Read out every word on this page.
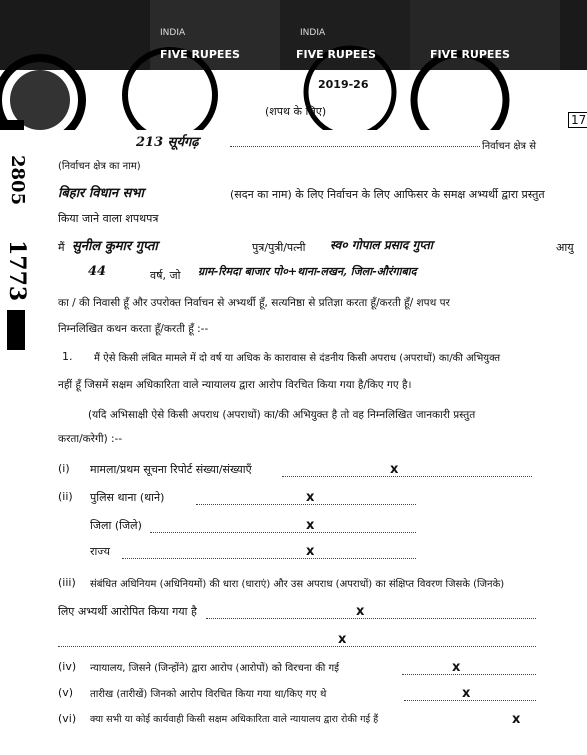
INDIA
FIVE RUPEES
INDIA
FIVE RUPEES	FIVE RUPEES
2019-26
(शपथ के लिए)
17
2805
1773
213 सूर्यगढ़	निर्वाचन क्षेत्र से
(निर्वाचन क्षेत्र का नाम)
बिहार विधान सभा	(सदन का नाम) के लिए निर्वाचन के लिए आफिसर के समक्ष अभ्यर्थी द्वारा प्रस्तुत
किया जाने वाला शपथपत्र
मैं सुनील कुमार गुप्ता	पुत्र/पुत्री/पत्नी स्व० गोपाल प्रसाद गुप्ता	आयु
44	वर्ष, जो ग्राम-रिमदा बाजार पो०+थाना-लखन, जिला-औरंगाबाद
का / की निवासी हूँ और उपरोक्त निर्वाचन से अभ्यर्थी हूँ, सत्यनिष्ठा से प्रतिज्ञा करता हूँ/करती हूँ/ शपथ पर
निम्नलिखित कथन करता हूँ/करती हूँ :--
1. मैं ऐसे किसी लंबित मामले में दो वर्ष या अधिक के कारावास से दंडनीय किसी अपराध (अपराधों) का/की अभियुक्त
नहीं हूँ जिसमें सक्षम अधिकारिता वाले न्यायालय द्वारा आरोप विरचित किया गया है/किए गए है।
(यदि अभिसाक्षी ऐसे किसी अपराध (अपराधों) का/की अभियुक्त है तो वह निम्नलिखित जानकारी प्रस्तुत
करता/करेगी) :--
(i) मामला/प्रथम सूचना रिपोर्ट संख्या/संख्याएँ	x
(ii) पुलिस थाना (थाने)	x
जिला (जिले)	x
राज्य	x
(iii) संबंधित अधिनियम (अधिनियमों) की धारा (धाराएं) और उस अपराध (अपराधों) का संक्षिप्त विवरण जिसके (जिनके)
लिए अभ्यर्थी आरोपित किया गया है	x
x
(iv) न्यायालय, जिसने (जिन्होंने) द्वारा आरोप (आरोपों) को विरचना की गई	x
(v) तारीख (तारीखें) जिनको आरोप विरचित किया गया था/किए गए थे	x
(vi) क्या सभी या कोई कार्यवाही किसी सक्षम अधिकारिता वाले न्यायालय द्वारा रोकी गई हैं	x
